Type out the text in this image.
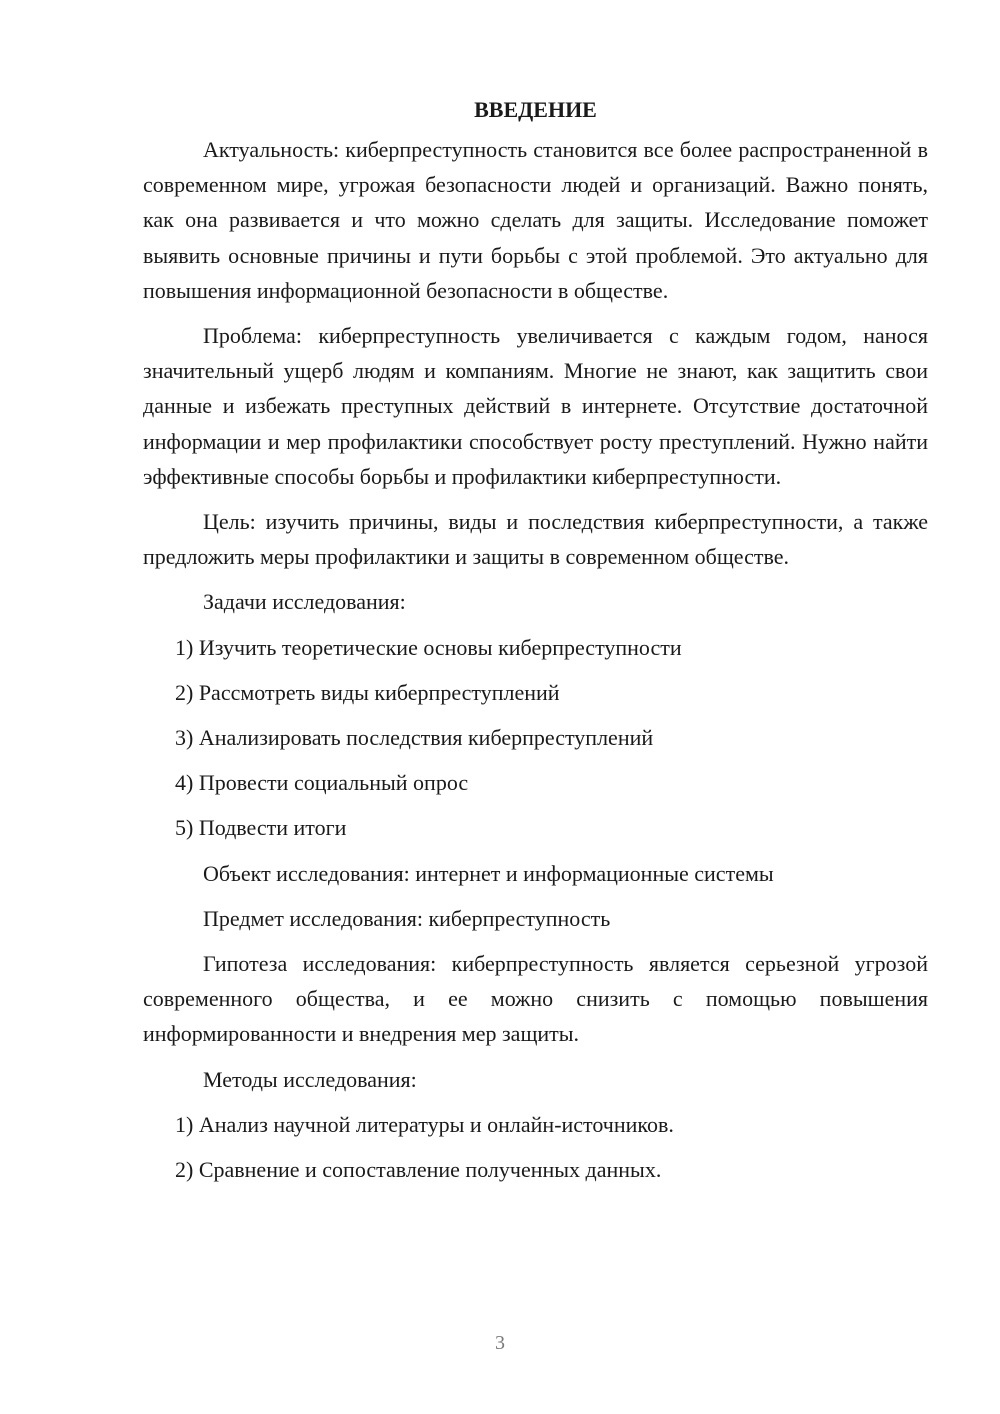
ВВЕДЕНИЕ

Актуальность: киберпреступность становится все более распространенной в современном мире, угрожая безопасности людей и организаций. Важно понять, как она развивается и что можно сделать для защиты. Исследование поможет выявить основные причины и пути борьбы с этой проблемой. Это актуально для повышения информационной безопасности в обществе.

Проблема: киберпреступность увеличивается с каждым годом, нанося значительный ущерб людям и компаниям. Многие не знают, как защитить свои данные и избежать преступных действий в интернете. Отсутствие достаточной информации и мер профилактики способствует росту преступлений. Нужно найти эффективные способы борьбы и профилактики киберпреступности.

Цель: изучить причины, виды и последствия киберпреступности, а также предложить меры профилактики и защиты в современном обществе.

Задачи исследования:

1) Изучить теоретические основы киберпреступности

2) Рассмотреть виды киберпреступлений

3) Анализировать последствия киберпреступлений

4) Провести социальный опрос

5) Подвести итоги

Объект исследования: интернет и информационные системы

Предмет исследования: киберпреступность

Гипотеза исследования: киберпреступность является серьезной угрозой современного общества, и ее можно снизить с помощью повышения информированности и внедрения мер защиты.

Методы исследования:

1) Анализ научной литературы и онлайн-источников.

2) Сравнение и сопоставление полученных данных.

3
